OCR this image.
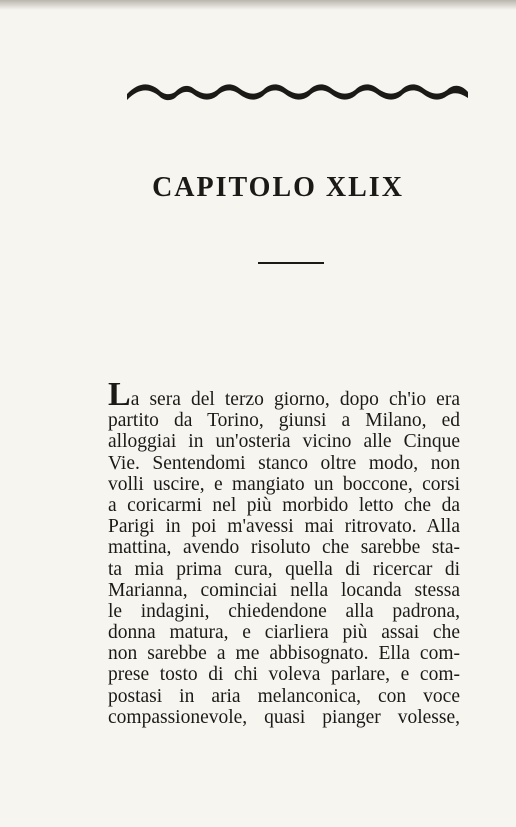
CAPITOLO XLIX
La sera del terzo giorno, dopo ch'io era
partito da Torino, giunsi a Milano, ed
alloggiai in un'osteria vicino alle Cinque
Vie. Sentendomi stanco oltre modo, non
volli uscire, e mangiato un boccone, corsi
a coricarmi nel più morbido letto che da
Parigi in poi m'avessi mai ritrovato. Alla
mattina, avendo risoluto che sarebbe sta-
ta mia prima cura, quella di ricercar di
Marianna, cominciai nella locanda stessa
le indagini, chiedendone alla padrona,
donna matura, e ciarliera più assai che
non sarebbe a me abbisognato. Ella com-
prese tosto di chi voleva parlare, e com-
postasi in aria melanconica, con voce
compassionevole, quasi pianger volesse,
